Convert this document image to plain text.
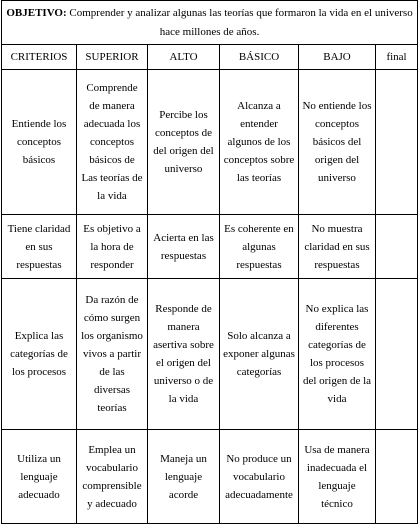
OBJETIVO: Comprender y analizar algunas las teorías que formaron la vida en el universo hace millones de años.					
CRITERIOS	SUPERIOR	ALTO	BÁSICO	BAJO	final
Entiende los conceptos básicos	Comprende de manera adecuada los conceptos básicos de Las teorías de la vida	Percibe los conceptos de del origen del universo	Alcanza a entender algunos de los conceptos sobre las teorías	No entiende los conceptos básicos del origen del universo	
Tiene claridad en sus respuestas	Es objetivo a la hora de responder	Acierta en las respuestas	Es coherente en algunas respuestas	No muestra claridad en sus respuestas	
Explica las categorías de los procesos	Da razón de cómo surgen los organismo vivos a partir de las diversas teorías	Responde de manera asertiva sobre el origen del universo o de la vida	Solo alcanza a exponer algunas categorías	No explica las diferentes categorías de los procesos del origen de la vida	
Utiliza un lenguaje adecuado	Emplea un vocabulario comprensible y adecuado	Maneja un lenguaje acorde	No produce un vocabulario adecuadamente	Usa de manera inadecuada el lenguaje técnico	
